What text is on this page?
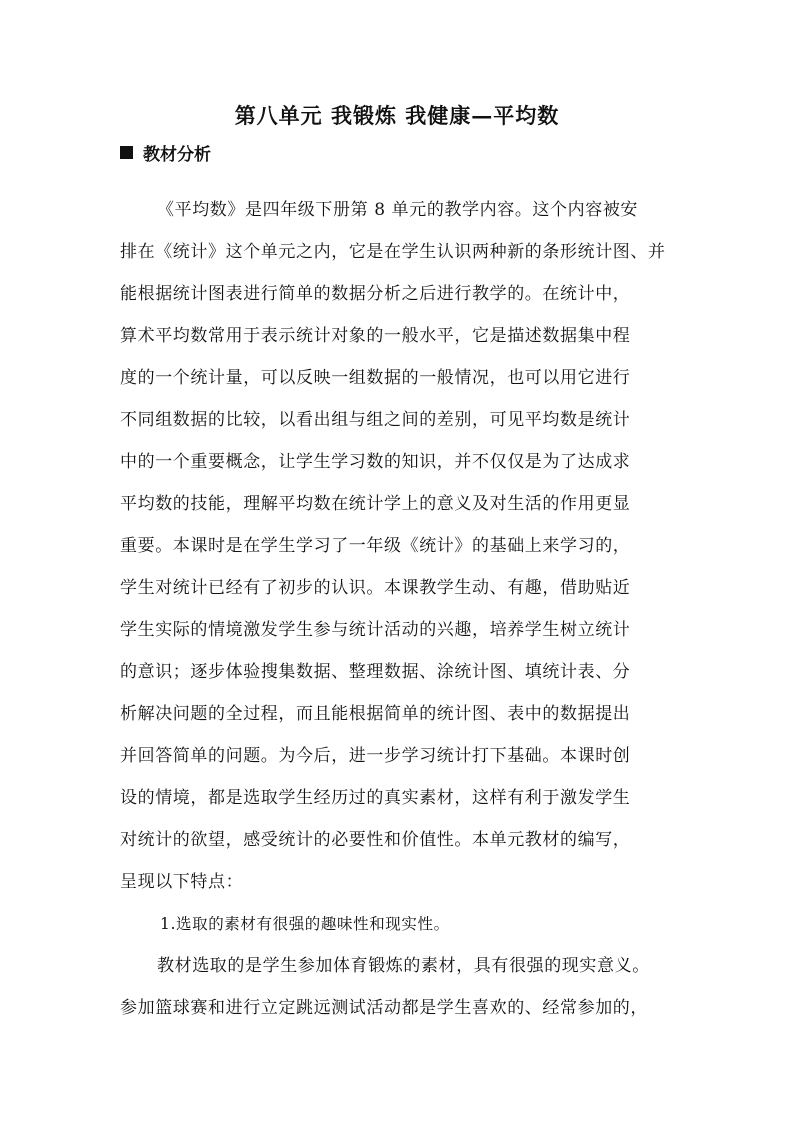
第八单元 我锻炼 我健康—平均数
教材分析
《平均数》是四年级下册第 8 单元的教学内容。这个内容被安
排在《统计》这个单元之内，它是在学生认识两种新的条形统计图、并
能根据统计图表进行简单的数据分析之后进行教学的。在统计中，
算术平均数常用于表示统计对象的一般水平，它是描述数据集中程
度的一个统计量，可以反映一组数据的一般情况，也可以用它进行
不同组数据的比较，以看出组与组之间的差别，可见平均数是统计
中的一个重要概念，让学生学习数的知识，并不仅仅是为了达成求
平均数的技能，理解平均数在统计学上的意义及对生活的作用更显
重要。本课时是在学生学习了一年级《统计》的基础上来学习的，
学生对统计已经有了初步的认识。本课教学生动、有趣，借助贴近
学生实际的情境激发学生参与统计活动的兴趣，培养学生树立统计
的意识；逐步体验搜集数据、整理数据、涂统计图、填统计表、分
析解决问题的全过程，而且能根据简单的统计图、表中的数据提出
并回答简单的问题。为今后，进一步学习统计打下基础。本课时创
设的情境，都是选取学生经历过的真实素材，这样有利于激发学生
对统计的欲望，感受统计的必要性和价值性。本单元教材的编写，
呈现以下特点：
1.选取的素材有很强的趣味性和现实性。
教材选取的是学生参加体育锻炼的素材，具有很强的现实意义。
参加篮球赛和进行立定跳远测试活动都是学生喜欢的、经常参加的，
